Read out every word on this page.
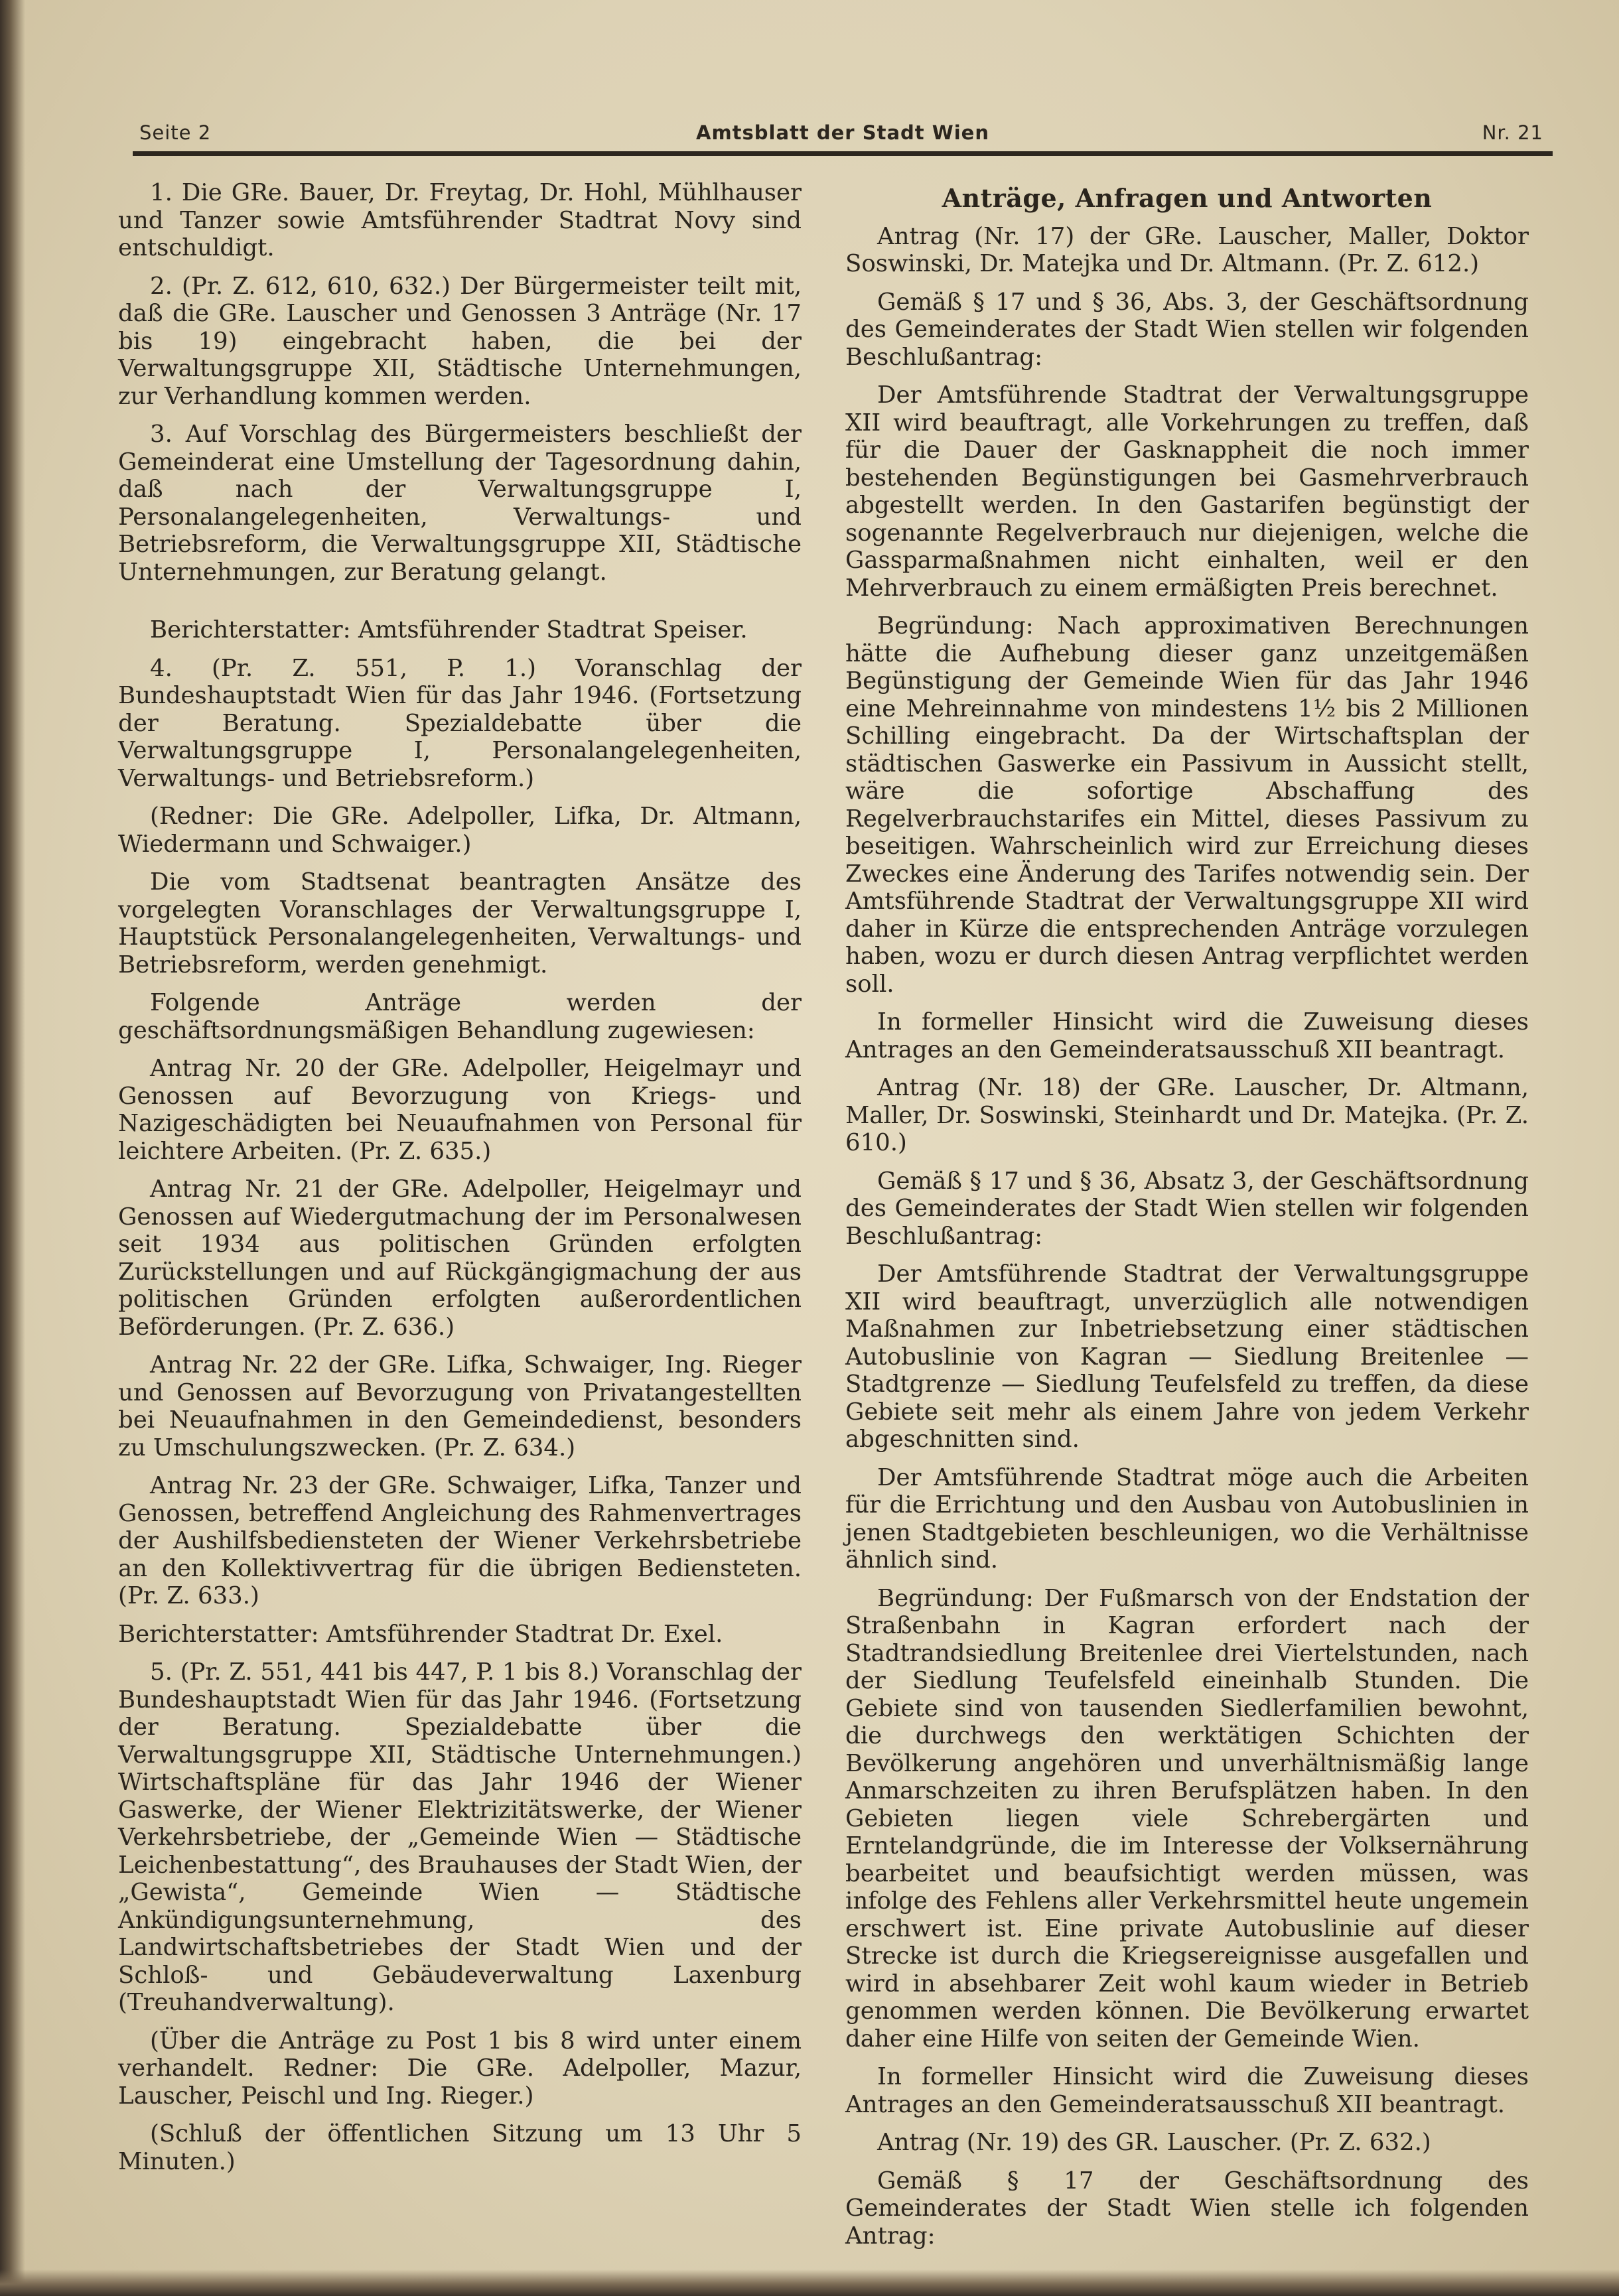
Seite 2	Amtsblatt der Stadt Wien	Nr. 21

1. Die GRe. Bauer, Dr. Freytag, Dr. Hohl, Mühlhauser und Tanzer sowie Amtsführender Stadtrat Novy sind entschuldigt.

2. (Pr. Z. 612, 610, 632.) Der Bürgermeister teilt mit, daß die GRe. Lauscher und Genossen 3 Anträge (Nr. 17 bis 19) eingebracht haben, die bei der Verwaltungsgruppe XII, Städtische Unternehmungen, zur Verhandlung kommen werden.

3. Auf Vorschlag des Bürgermeisters beschließt der Gemeinderat eine Umstellung der Tagesordnung dahin, daß nach der Verwaltungsgruppe I, Personalangelegenheiten, Verwaltungs- und Betriebsreform, die Verwaltungsgruppe XII, Städtische Unternehmungen, zur Beratung gelangt.

Berichterstatter: Amtsführender Stadtrat Speiser.

4. (Pr. Z. 551, P. 1.) Voranschlag der Bundeshauptstadt Wien für das Jahr 1946. (Fortsetzung der Beratung. Spezialdebatte über die Verwaltungsgruppe I, Personalangelegenheiten, Verwaltungs- und Betriebsreform.)

(Redner: Die GRe. Adelpoller, Lifka, Dr. Altmann, Wiedermann und Schwaiger.)

Die vom Stadtsenat beantragten Ansätze des vorgelegten Voranschlages der Verwaltungsgruppe I, Hauptstück Personalangelegenheiten, Verwaltungs- und Betriebsreform, werden genehmigt.

Folgende Anträge werden der geschäftsordnungsmäßigen Behandlung zugewiesen:

Antrag Nr. 20 der GRe. Adelpoller, Heigelmayr und Genossen auf Bevorzugung von Kriegs- und Nazigeschädigten bei Neuaufnahmen von Personal für leichtere Arbeiten. (Pr. Z. 635.)

Antrag Nr. 21 der GRe. Adelpoller, Heigelmayr und Genossen auf Wiedergutmachung der im Personalwesen seit 1934 aus politischen Gründen erfolgten Zurückstellungen und auf Rückgängigmachung der aus politischen Gründen erfolgten außerordentlichen Beförderungen. (Pr. Z. 636.)

Antrag Nr. 22 der GRe. Lifka, Schwaiger, Ing. Rieger und Genossen auf Bevorzugung von Privatangestellten bei Neuaufnahmen in den Gemeindedienst, besonders zu Umschulungszwecken. (Pr. Z. 634.)

Antrag Nr. 23 der GRe. Schwaiger, Lifka, Tanzer und Genossen, betreffend Angleichung des Rahmenvertrages der Aushilfsbediensteten der Wiener Verkehrsbetriebe an den Kollektivvertrag für die übrigen Bediensteten. (Pr. Z. 633.)

Berichterstatter: Amtsführender Stadtrat Dr. Exel.

5. (Pr. Z. 551, 441 bis 447, P. 1 bis 8.) Voranschlag der Bundeshauptstadt Wien für das Jahr 1946. (Fortsetzung der Beratung. Spezialdebatte über die Verwaltungsgruppe XII, Städtische Unternehmungen.) Wirtschaftspläne für das Jahr 1946 der Wiener Gaswerke, der Wiener Elektrizitätswerke, der Wiener Verkehrsbetriebe, der „Gemeinde Wien — Städtische Leichenbestattung“, des Brauhauses der Stadt Wien, der „Gewista“, Gemeinde Wien — Städtische Ankündigungsunternehmung, des Landwirtschaftsbetriebes der Stadt Wien und der Schloß- und Gebäudeverwaltung Laxenburg (Treuhandverwaltung).

(Über die Anträge zu Post 1 bis 8 wird unter einem verhandelt. Redner: Die GRe. Adelpoller, Mazur, Lauscher, Peischl und Ing. Rieger.)

(Schluß der öffentlichen Sitzung um 13 Uhr 5 Minuten.)

Anträge, Anfragen und Antworten

Antrag (Nr. 17) der GRe. Lauscher, Maller, Doktor Soswinski, Dr. Matejka und Dr. Altmann. (Pr. Z. 612.)

Gemäß § 17 und § 36, Abs. 3, der Geschäftsordnung des Gemeinderates der Stadt Wien stellen wir folgenden Beschlußantrag:

Der Amtsführende Stadtrat der Verwaltungsgruppe XII wird beauftragt, alle Vorkehrungen zu treffen, daß für die Dauer der Gasknappheit die noch immer bestehenden Begünstigungen bei Gasmehrverbrauch abgestellt werden. In den Gastarifen begünstigt der sogenannte Regelverbrauch nur diejenigen, welche die Gassparmaßnahmen nicht einhalten, weil er den Mehrverbrauch zu einem ermäßigten Preis berechnet.

Begründung: Nach approximativen Berechnungen hätte die Aufhebung dieser ganz unzeitgemäßen Begünstigung der Gemeinde Wien für das Jahr 1946 eine Mehreinnahme von mindestens 1½ bis 2 Millionen Schilling eingebracht. Da der Wirtschaftsplan der städtischen Gaswerke ein Passivum in Aussicht stellt, wäre die sofortige Abschaffung des Regelverbrauchstarifes ein Mittel, dieses Passivum zu beseitigen. Wahrscheinlich wird zur Erreichung dieses Zweckes eine Änderung des Tarifes notwendig sein. Der Amtsführende Stadtrat der Verwaltungsgruppe XII wird daher in Kürze die entsprechenden Anträge vorzulegen haben, wozu er durch diesen Antrag verpflichtet werden soll.

In formeller Hinsicht wird die Zuweisung dieses Antrages an den Gemeinderatsausschuß XII beantragt.

Antrag (Nr. 18) der GRe. Lauscher, Dr. Altmann, Maller, Dr. Soswinski, Steinhardt und Dr. Matejka. (Pr. Z. 610.)

Gemäß § 17 und § 36, Absatz 3, der Geschäftsordnung des Gemeinderates der Stadt Wien stellen wir folgenden Beschlußantrag:

Der Amtsführende Stadtrat der Verwaltungsgruppe XII wird beauftragt, unverzüglich alle notwendigen Maßnahmen zur Inbetriebsetzung einer städtischen Autobuslinie von Kagran — Siedlung Breitenlee — Stadtgrenze — Siedlung Teufelsfeld zu treffen, da diese Gebiete seit mehr als einem Jahre von jedem Verkehr abgeschnitten sind.

Der Amtsführende Stadtrat möge auch die Arbeiten für die Errichtung und den Ausbau von Autobuslinien in jenen Stadtgebieten beschleunigen, wo die Verhältnisse ähnlich sind.

Begründung: Der Fußmarsch von der Endstation der Straßenbahn in Kagran erfordert nach der Stadtrandsiedlung Breitenlee drei Viertelstunden, nach der Siedlung Teufelsfeld eineinhalb Stunden. Die Gebiete sind von tausenden Siedlerfamilien bewohnt, die durchwegs den werktätigen Schichten der Bevölkerung angehören und unverhältnismäßig lange Anmarschzeiten zu ihren Berufsplätzen haben. In den Gebieten liegen viele Schrebergärten und Erntelandgründe, die im Interesse der Volksernährung bearbeitet und beaufsichtigt werden müssen, was infolge des Fehlens aller Verkehrsmittel heute ungemein erschwert ist. Eine private Autobuslinie auf dieser Strecke ist durch die Kriegsereignisse ausgefallen und wird in absehbarer Zeit wohl kaum wieder in Betrieb genommen werden können. Die Bevölkerung erwartet daher eine Hilfe von seiten der Gemeinde Wien.

In formeller Hinsicht wird die Zuweisung dieses Antrages an den Gemeinderatsausschuß XII beantragt.

Antrag (Nr. 19) des GR. Lauscher. (Pr. Z. 632.)

Gemäß § 17 der Geschäftsordnung des Gemeinderates der Stadt Wien stelle ich folgenden Antrag:
